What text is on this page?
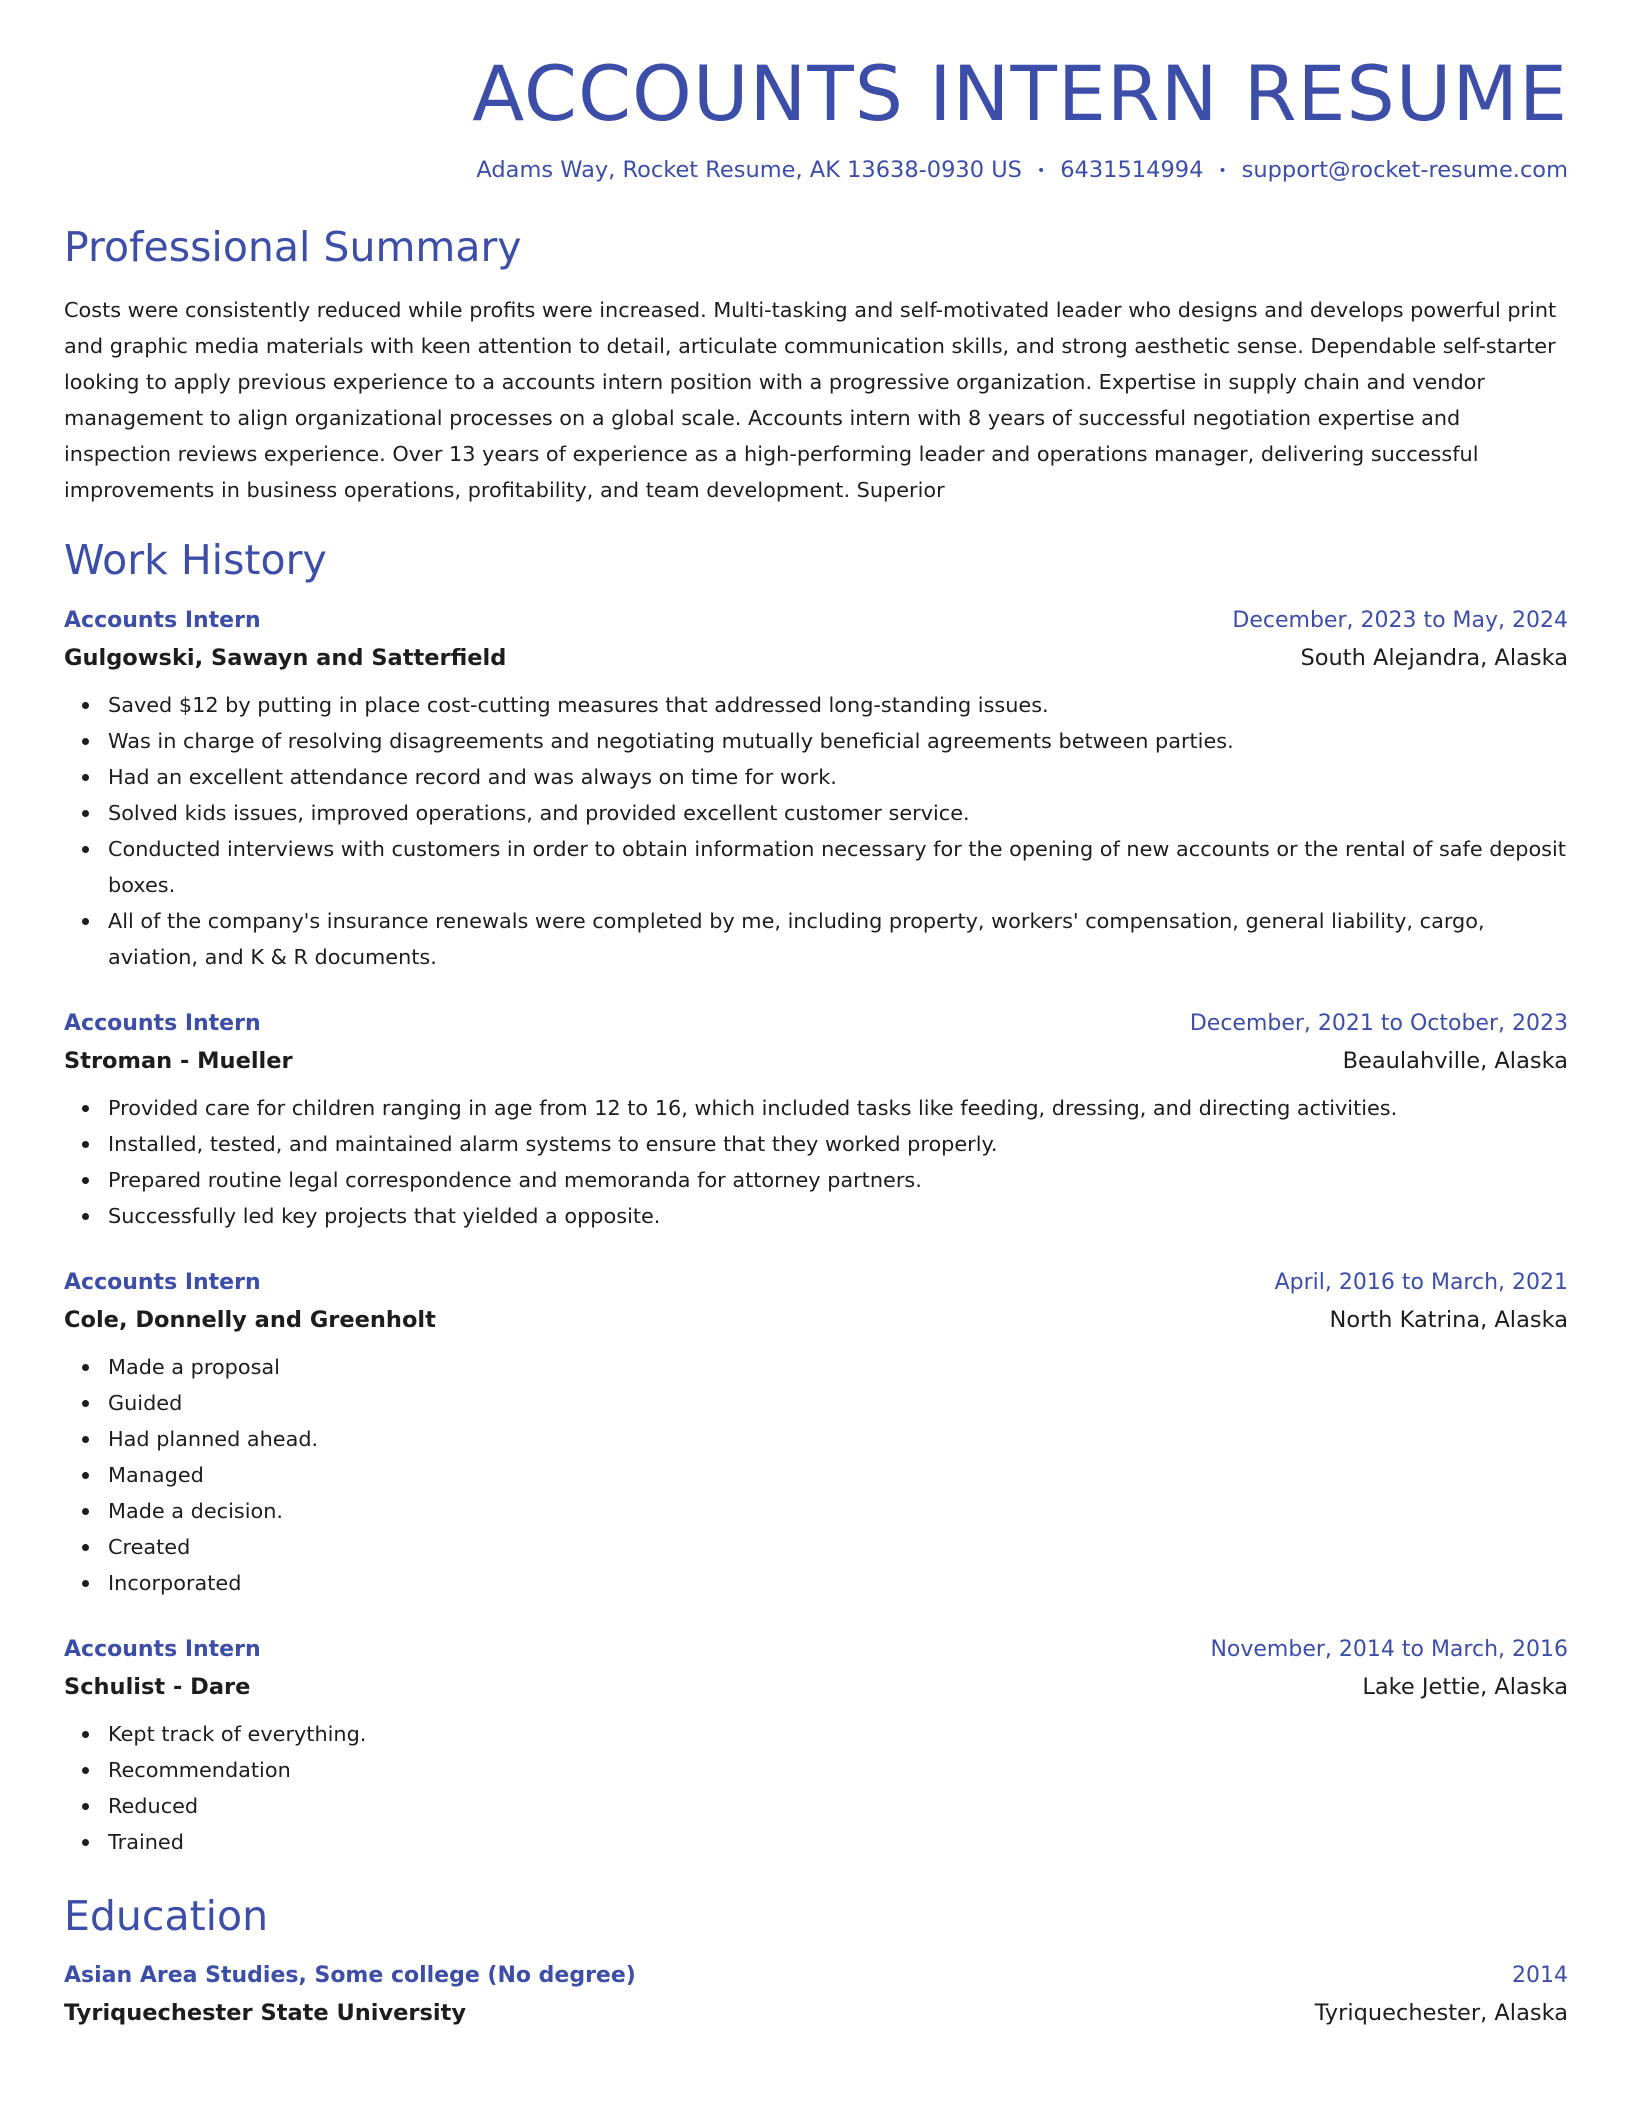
ACCOUNTS INTERN RESUME
Adams Way, Rocket Resume, AK 13638-0930 US • 6431514994 • support@rocket-resume.com
Professional Summary

Costs were consistently reduced while profits were increased. Multi-tasking and self-motivated leader who designs and develops powerful print and graphic media materials with keen attention to detail, articulate communication skills, and strong aesthetic sense. Dependable self-starter looking to apply previous experience to a accounts intern position with a progressive organization. Expertise in supply chain and vendor management to align organizational processes on a global scale. Accounts intern with 8 years of successful negotiation expertise and inspection reviews experience. Over 13 years of experience as a high-performing leader and operations manager, delivering successful improvements in business operations, profitability, and team development. Superior

Work History
Accounts Intern	December, 2023 to May, 2024
Gulgowski, Sawayn and Satterfield	South Alejandra, Alaska
Saved $12 by putting in place cost-cutting measures that addressed long-standing issues.
Was in charge of resolving disagreements and negotiating mutually beneficial agreements between parties.
Had an excellent attendance record and was always on time for work.
Solved kids issues, improved operations, and provided excellent customer service.
Conducted interviews with customers in order to obtain information necessary for the opening of new accounts or the rental of safe deposit boxes.
All of the company's insurance renewals were completed by me, including property, workers' compensation, general liability, cargo, aviation, and K & R documents.
Accounts Intern	December, 2021 to October, 2023
Stroman - Mueller	Beaulahville, Alaska
Provided care for children ranging in age from 12 to 16, which included tasks like feeding, dressing, and directing activities.
Installed, tested, and maintained alarm systems to ensure that they worked properly.
Prepared routine legal correspondence and memoranda for attorney partners.
Successfully led key projects that yielded a opposite.
Accounts Intern	April, 2016 to March, 2021
Cole, Donnelly and Greenholt	North Katrina, Alaska
Made a proposal
Guided
Had planned ahead.
Managed
Made a decision.
Created
Incorporated
Accounts Intern	November, 2014 to March, 2016
Schulist - Dare	Lake Jettie, Alaska
Kept track of everything.
Recommendation
Reduced
Trained
Education
Asian Area Studies, Some college (No degree)	2014
Tyriquechester State University	Tyriquechester, Alaska
